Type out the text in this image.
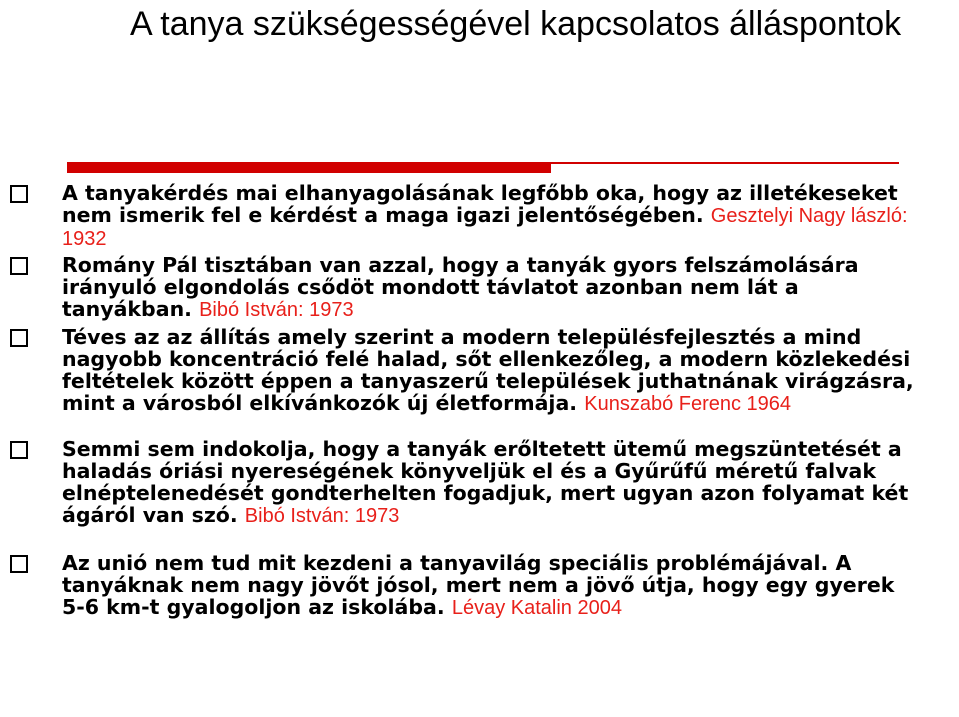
A tanya szükségességével kapcsolatos álláspontok
A tanyakérdés mai elhanyagolásának legfőbb oka, hogy az illetékeseket nem ismerik fel e kérdést a maga igazi jelentőségében. Gesztelyi Nagy lászló: 1932
Romány Pál tisztában van azzal, hogy a tanyák gyors felszámolására irányuló elgondolás csődöt mondott távlatot azonban nem lát a tanyákban. Bibó István: 1973
Téves az az állítás amely szerint a modern településfejlesztés a mind nagyobb koncentráció felé halad, sőt ellenkezőleg, a modern közlekedési feltételek között éppen a tanyaszerű települések juthatnának virágzásra, mint a városból elkívánkozók új életformája. Kunszabó Ferenc 1964
Semmi sem indokolja, hogy a tanyák erőltetett ütemű megszüntetését a haladás óriási nyereségének könyveljük el és a Gyűrűfű méretű falvak elnéptelenedését gondterhelten fogadjuk, mert ugyan azon folyamat két ágáról van szó. Bibó István: 1973
Az unió nem tud mit kezdeni a tanyavilág speciális problémájával. A tanyáknak nem nagy jövőt jósol, mert nem a jövő útja, hogy egy gyerek 5-6 km-t gyalogoljon az iskolába. Lévay Katalin 2004
